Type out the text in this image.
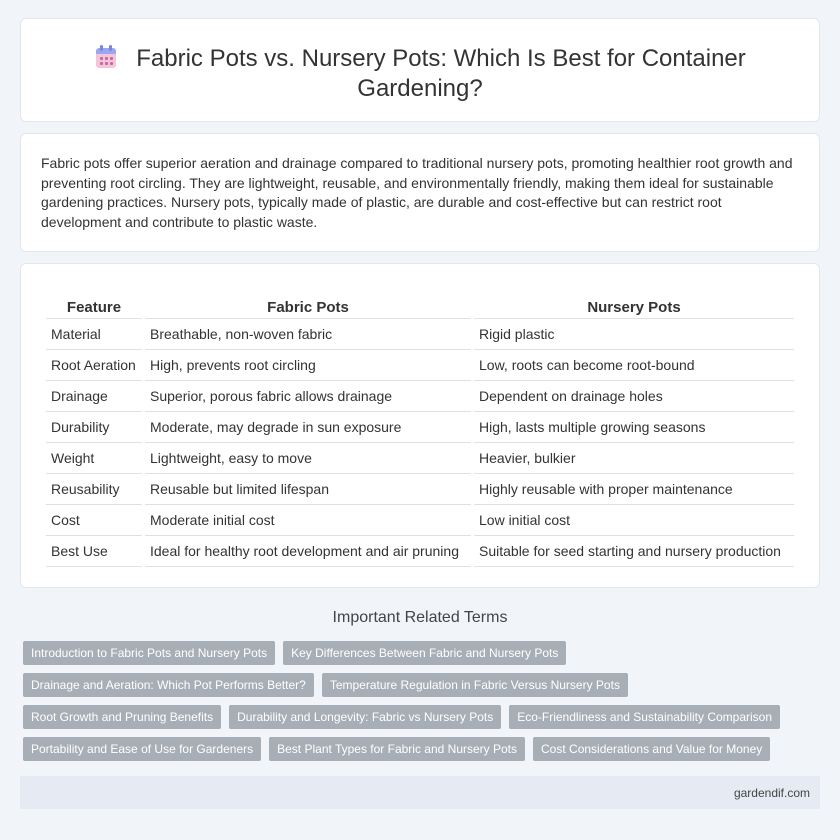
Fabric Pots vs. Nursery Pots: Which Is Best for Container Gardening?

Fabric pots offer superior aeration and drainage compared to traditional nursery pots, promoting healthier root growth and preventing root circling. They are lightweight, reusable, and environmentally friendly, making them ideal for sustainable gardening practices. Nursery pots, typically made of plastic, are durable and cost-effective but can restrict root development and contribute to plastic waste.

Feature	Fabric Pots	Nursery Pots
Material	Breathable, non-woven fabric	Rigid plastic
Root Aeration	High, prevents root circling	Low, roots can become root-bound
Drainage	Superior, porous fabric allows drainage	Dependent on drainage holes
Durability	Moderate, may degrade in sun exposure	High, lasts multiple growing seasons
Weight	Lightweight, easy to move	Heavier, bulkier
Reusability	Reusable but limited lifespan	Highly reusable with proper maintenance
Cost	Moderate initial cost	Low initial cost
Best Use	Ideal for healthy root development and air pruning	Suitable for seed starting and nursery production
Important Related Terms
Introduction to Fabric Pots and Nursery Pots	Key Differences Between Fabric and Nursery Pots
Drainage and Aeration: Which Pot Performs Better?	Temperature Regulation in Fabric Versus Nursery Pots
Root Growth and Pruning Benefits	Durability and Longevity: Fabric vs Nursery Pots	Eco-Friendliness and Sustainability Comparison
Portability and Ease of Use for Gardeners	Best Plant Types for Fabric and Nursery Pots	Cost Considerations and Value for Money
gardendif.com
